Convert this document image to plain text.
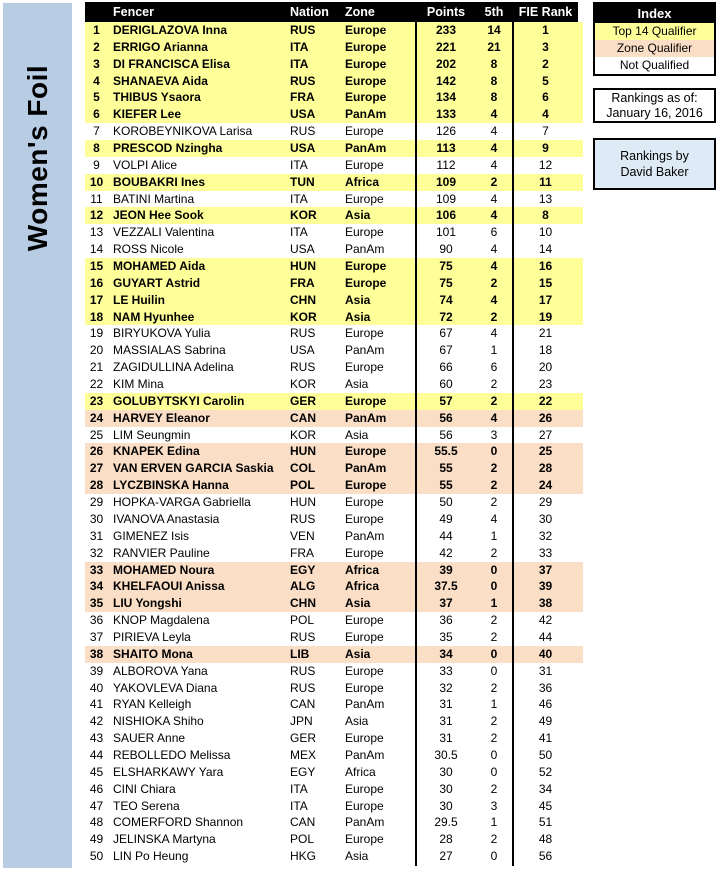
Women's Foil
Fencer	Nation Zone	Points	5th	FIE Rank
1	DERIGLAZOVA Inna	RUS Europe	233	14	1
2	ERRIGO Arianna	ITA	Europe	221	21	3
3	DI FRANCISCA Elisa	ITA	Europe	202	8	2
4	SHANAEVA Aida	RUS Europe	142	8	5
5	THIBUS Ysaora	FRA	Europe	134	8	6
6	KIEFER Lee	USA PanAm	133	4	4
7	KOROBEYNIKOVA Larisa	RUS Europe	126	4	7
8	PRESCOD Nzingha	USA PanAm	113	4	9
9	VOLPI Alice	ITA	Europe	112	4	12
10 BOUBAKRI Ines	TUN	Africa	109	2	11
11 BATINI Martina	ITA	Europe	109	4	13
12 JEON Hee Sook	KOR Asia	106	4	8
13 VEZZALI Valentina	ITA	Europe	101	6	10
14 ROSS Nicole	USA	PanAm	90	4	14
15 MOHAMED Aida	HUN Europe	75	4	16
16 GUYART Astrid	FRA	Europe	75	2	15
17 LE Huilin	CHN Asia	74	4	17
18 NAM Hyunhee	KOR Asia	72	2	19
19 BIRYUKOVA Yulia	RUS Europe	67	4	21
20 MASSIALAS Sabrina	USA	PanAm	67	1	18
21 ZAGIDULLINA Adelina	RUS Europe	66	6	20
22 KIM Mina	KOR Asia	60	2	23
23 GOLUBYTSKYI Carolin	GER Europe	57	2	22
24 HARVEY Eleanor	CAN PanAm	56	4	26
25 LIM Seungmin	KOR Asia	56	3	27
26 KNAPEK Edina	HUN Europe	55.5	0	25
27 VAN ERVEN GARCIA Saskia	COL PanAm	55	2	28
28 LYCZBINSKA Hanna	POL	Europe	55	2	24
29 HOPKA-VARGA Gabriella	HUN Europe	50	2	29
30 IVANOVA Anastasia	RUS Europe	49	4	30
31 GIMENEZ Isis	VEN	PanAm	44	1	32
32 RANVIER Pauline	FRA	Europe	42	2	33
33 MOHAMED Noura	EGY Africa	39	0	37
34 KHELFAOUI Anissa	ALG Africa	37.5	0	39
35 LIU Yongshi	CHN Asia	37	1	38
36 KNOP Magdalena	POL	Europe	36	2	42
37 PIRIEVA Leyla	RUS Europe	35	2	44
38 SHAITO Mona	LIB	Asia	34	0	40
39 ALBOROVA Yana	RUS Europe	33	0	31
40 YAKOVLEVA Diana	RUS Europe	32	2	36
41 RYAN Kelleigh	CAN PanAm	31	1	46
42 NISHIOKA Shiho	JPN	Asia	31	2	49
43 SAUER Anne	GER Europe	31	2	41
44 REBOLLEDO Melissa	MEX PanAm	30.5	0	50
45 ELSHARKAWY Yara	EGY Africa	30	0	52
46 CINI Chiara	ITA	Europe	30	2	34
47 TEO Serena	ITA	Europe	30	3	45
48 COMERFORD Shannon	CAN PanAm	29.5	1	51
49 JELINSKA Martyna	POL	Europe	28	2	48
50 LIN Po Heung	HKG Asia	27	0	56
Index
Top 14 Qualifier
Zone Qualifier
Not Qualified
Rankings as of:
January 16, 2016
Rankings by
David Baker
